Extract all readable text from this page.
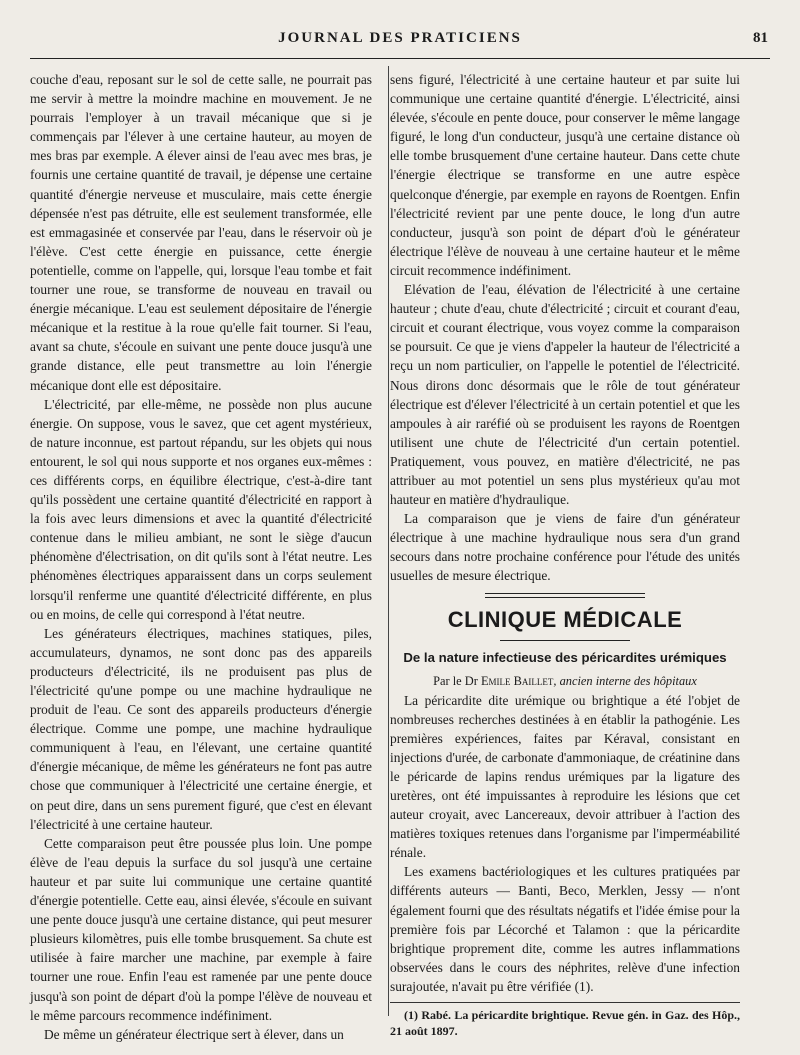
JOURNAL DES PRATICIENS	81

couche d'eau, reposant sur le sol de cette salle, ne pourrait pas me servir à mettre la moindre machine en mouvement. Je ne pourrais l'employer à un travail mécanique que si je commençais par l'élever à une certaine hauteur, au moyen de mes bras par exemple. A élever ainsi de l'eau avec mes bras, je fournis une certaine quantité de travail, je dépense une certaine quantité d'énergie nerveuse et musculaire, mais cette énergie dépensée n'est pas détruite, elle est seulement transformée, elle est emmagasinée et conservée par l'eau, dans le réservoir où je l'élève. C'est cette énergie en puissance, cette énergie potentielle, comme on l'appelle, qui, lorsque l'eau tombe et fait tourner une roue, se transforme de nouveau en travail ou énergie mécanique. L'eau est seulement dépositaire de l'énergie mécanique et la restitue à la roue qu'elle fait tourner. Si l'eau, avant sa chute, s'écoule en suivant une pente douce jusqu'à une grande distance, elle peut transmettre au loin l'énergie mécanique dont elle est dépositaire.

L'électricité, par elle-même, ne possède non plus aucune énergie. On suppose, vous le savez, que cet agent mystérieux, de nature inconnue, est partout répandu, sur les objets qui nous entourent, le sol qui nous supporte et nos organes eux-mêmes : ces différents corps, en équilibre électrique, c'est-à-dire tant qu'ils possèdent une certaine quantité d'électricité en rapport à la fois avec leurs dimensions et avec la quantité d'électricité contenue dans le milieu ambiant, ne sont le siège d'aucun phénomène d'électrisation, on dit qu'ils sont à l'état neutre. Les phénomènes électriques apparaissent dans un corps seulement lorsqu'il renferme une quantité d'électricité différente, en plus ou en moins, de celle qui correspond à l'état neutre.

Les générateurs électriques, machines statiques, piles, accumulateurs, dynamos, ne sont donc pas des appareils producteurs d'électricité, ils ne produisent pas plus de l'électricité qu'une pompe ou une machine hydraulique ne produit de l'eau. Ce sont des appareils producteurs d'énergie électrique. Comme une pompe, une machine hydraulique communiquent à l'eau, en l'élevant, une certaine quantité d'énergie mécanique, de même les générateurs ne font pas autre chose que communiquer à l'électricité une certaine énergie, et on peut dire, dans un sens purement figuré, que c'est en élevant l'électricité à une certaine hauteur.

Cette comparaison peut être poussée plus loin. Une pompe élève de l'eau depuis la surface du sol jusqu'à une certaine hauteur et par suite lui communique une certaine quantité d'énergie potentielle. Cette eau, ainsi élevée, s'écoule en suivant une pente douce jusqu'à une certaine distance, qui peut mesurer plusieurs kilomètres, puis elle tombe brusquement. Sa chute est utilisée à faire marcher une machine, par exemple à faire tourner une roue. Enfin l'eau est ramenée par une pente douce jusqu'à son point de départ d'où la pompe l'élève de nouveau et le même parcours recommence indéfiniment.

De même un générateur électrique sert à élever, dans un

sens figuré, l'électricité à une certaine hauteur et par suite lui communique une certaine quantité d'énergie. L'électricité, ainsi élevée, s'écoule en pente douce, pour conserver le même langage figuré, le long d'un conducteur, jusqu'à une certaine distance où elle tombe brusquement d'une certaine hauteur. Dans cette chute l'énergie électrique se transforme en une autre espèce quelconque d'énergie, par exemple en rayons de Roentgen. Enfin l'électricité revient par une pente douce, le long d'un autre conducteur, jusqu'à son point de départ d'où le générateur électrique l'élève de nouveau à une certaine hauteur et le même circuit recommence indéfiniment.

Elévation de l'eau, élévation de l'électricité à une certaine hauteur ; chute d'eau, chute d'électricité ; circuit et courant d'eau, circuit et courant électrique, vous voyez comme la comparaison se poursuit. Ce que je viens d'appeler la hauteur de l'électricité a reçu un nom particulier, on l'appelle le potentiel de l'électricité. Nous dirons donc désormais que le rôle de tout générateur électrique est d'élever l'électricité à un certain potentiel et que les ampoules à air raréfié où se produisent les rayons de Roentgen utilisent une chute de l'électricité d'un certain potentiel. Pratiquement, vous pouvez, en matière d'électricité, ne pas attribuer au mot potentiel un sens plus mystérieux qu'au mot hauteur en matière d'hydraulique.

La comparaison que je viens de faire d'un générateur électrique à une machine hydraulique nous sera d'un grand secours dans notre prochaine conférence pour l'étude des unités usuelles de mesure électrique.

CLINIQUE MÉDICALE
De la nature infectieuse des péricardites urémiques
Par le Dr Emile Baillet, ancien interne des hôpitaux

La péricardite dite urémique ou brightique a été l'objet de nombreuses recherches destinées à en établir la pathogénie. Les premières expériences, faites par Kéraval, consistant en injections d'urée, de carbonate d'ammoniaque, de créatinine dans le péricarde de lapins rendus urémiques par la ligature des uretères, ont été impuissantes à reproduire les lésions que cet auteur croyait, avec Lancereaux, devoir attribuer à l'action des matières toxiques retenues dans l'organisme par l'imperméabilité rénale.

Les examens bactériologiques et les cultures pratiquées par différents auteurs — Banti, Beco, Merklen, Jessy — n'ont également fourni que des résultats négatifs et l'idée émise pour la première fois par Lécorché et Talamon : que la péricardite brightique proprement dite, comme les autres inflammations observées dans le cours des néphrites, relève d'une infection surajoutée, n'avait pu être vérifiée (1).

(1) Rabé. La péricardite brightique. Revue gén. in Gaz. des Hôp., 21 août 1897.
